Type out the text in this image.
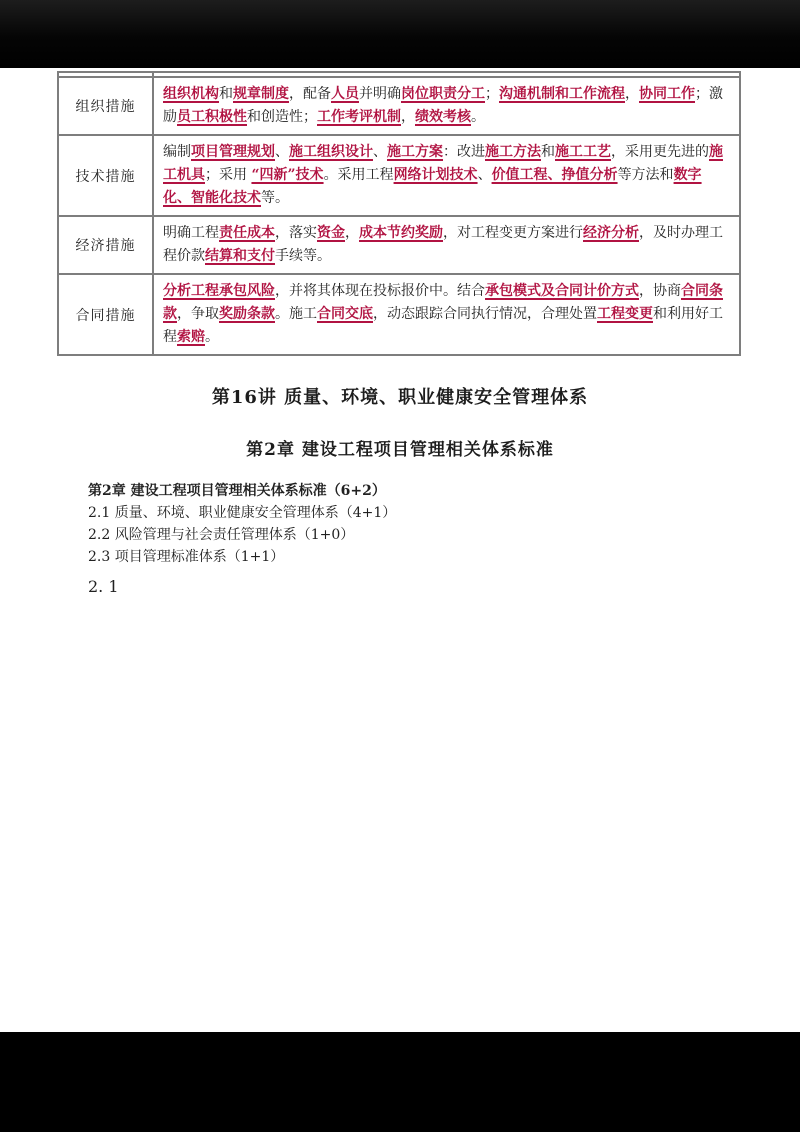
组织措施	组织机构和规章制度，配备人员并明确岗位职责分工；沟通机制和工作流程，协同工作；激励员工积极性和创造性；工作考评机制，绩效考核。
技术措施	编制项目管理规划、施工组织设计、施工方案：改进施工方法和施工工艺，采用更先进的施工机具；采用 “四新”技术。采用工程网络计划技术、价值工程、挣值分析等方法和数字化、智能化技术等。
经济措施	明确工程责任成本，落实资金，成本节约奖励，对工程变更方案进行经济分析，及时办理工程价款结算和支付手续等。
合同措施	分析工程承包风险，并将其体现在投标报价中。结合承包模式及合同计价方式，协商合同条款，争取奖励条款。施工合同交底，动态跟踪合同执行情况，合理处置工程变更和利用好工程索赔。
第16讲 质量、环境、职业健康安全管理体系
第2章 建设工程项目管理相关体系标准

第2章 建设工程项目管理相关体系标准（6+2）

2.1 质量、环境、职业健康安全管理体系（4+1）

2.2 风险管理与社会责任管理体系（1+0）

2.3 项目管理标准体系（1+1）

2. 1
